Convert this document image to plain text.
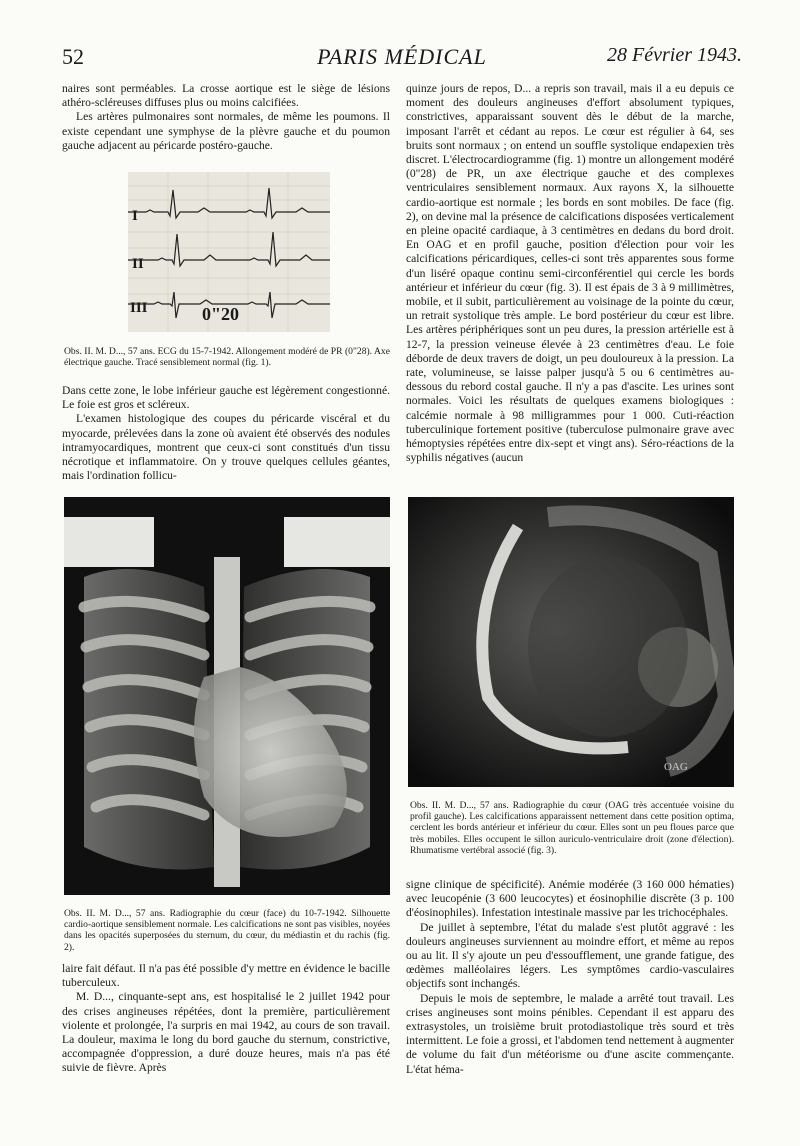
52	PARIS MÉDICAL	28 Février 1943.

naires sont perméables. La crosse aortique est le siège de lésions athéro-scléreuses diffuses plus ou moins calcifiées.

Les artères pulmonaires sont normales, de même les poumons. Il existe cependant une symphyse de la plèvre gauche et du poumon gauche adjacent au péricarde postéro-gauche.

I
II
III	0"20
Obs. II. M. D..., 57 ans. ECG du 15-7-1942. Allongement modéré de PR (0"28). Axe électrique gauche. Tracé sensiblement normal (fig. 1).

Dans cette zone, le lobe inférieur gauche est légèrement congestionné. Le foie est gros et scléreux.

L'examen histologique des coupes du péricarde viscéral et du myocarde, prélevées dans la zone où avaient été observés des nodules intramyocardiques, montrent que ceux-ci sont constitués d'un tissu nécrotique et inflammatoire. On y trouve quelques cellules géantes, mais l'ordination follicu-

quinze jours de repos, D... a repris son travail, mais il a eu depuis ce moment des douleurs angineuses d'effort absolument typiques, constrictives, apparaissant souvent dès le début de la marche, imposant l'arrêt et cédant au repos. Le cœur est régulier à 64, ses bruits sont normaux ; on entend un souffle systolique endapexien très discret. L'électrocardiogramme (fig. 1) montre un allongement modéré (0"28) de PR, un axe électrique gauche et des complexes ventriculaires sensiblement normaux. Aux rayons X, la silhouette cardio-aortique est normale ; les bords en sont mobiles. De face (fig. 2), on devine mal la présence de calcifications disposées verticalement en pleine opacité cardiaque, à 3 centimètres en dedans du bord droit. En OAG et en profil gauche, position d'élection pour voir les calcifications péricardiques, celles-ci sont très apparentes sous forme d'un liséré opaque continu semi-circonférentiel qui cercle les bords antérieur et inférieur du cœur (fig. 3). Il est épais de 3 à 9 millimètres, mobile, et il subit, particulièrement au voisinage de la pointe du cœur, un retrait systolique très ample. Le bord postérieur du cœur est libre. Les artères périphériques sont un peu dures, la pression artérielle est à 12-7, la pression veineuse élevée à 23 centimètres d'eau. Le foie déborde de deux travers de doigt, un peu douloureux à la pression. La rate, volumineuse, se laisse palper jusqu'à 5 ou 6 centimètres au-dessous du rebord costal gauche. Il n'y a pas d'ascite. Les urines sont normales. Voici les résultats de quelques examens biologiques : calcémie normale à 98 milligrammes pour 1 000. Cuti-réaction tuberculinique fortement positive (tuberculose pulmonaire grave avec hémoptysies répétées entre dix-sept et vingt ans). Séro-réactions de la syphilis négatives (aucun

Obs. II. M. D..., 57 ans. Radiographie du cœur (face) du 10-7-1942. Silhouette cardio-aortique sensiblement normale. Les calcifications ne sont pas visibles, noyées dans les opacités superposées du sternum, du cœur, du médiastin et du rachis (fig. 2).
OAG
Obs. II. M. D..., 57 ans. Radiographie du cœur (OAG très accentuée voisine du profil gauche). Les calcifications apparaissent nettement dans cette position optima, cerclent les bords antérieur et inférieur du cœur. Elles sont un peu floues parce que très mobiles. Elles occupent le sillon auriculo-ventriculaire droit (zone d'élection). Rhumatisme vertébral associé (fig. 3).

laire fait défaut. Il n'a pas été possible d'y mettre en évidence le bacille tuberculeux.

M. D..., cinquante-sept ans, est hospitalisé le 2 juillet 1942 pour des crises angineuses répétées, dont la première, particulièrement violente et prolongée, l'a surpris en mai 1942, au cours de son travail. La douleur, maxima le long du bord gauche du sternum, constrictive, accompagnée d'oppression, a duré douze heures, mais n'a pas été suivie de fièvre. Après

signe clinique de spécificité). Anémie modérée (3 160 000 hématies) avec leucopénie (3 600 leucocytes) et éosinophilie discrète (3 p. 100 d'éosinophiles). Infestation intestinale massive par les trichocéphales.

De juillet à septembre, l'état du malade s'est plutôt aggravé : les douleurs angineuses surviennent au moindre effort, et même au repos ou au lit. Il s'y ajoute un peu d'essoufflement, une grande fatigue, des œdèmes malléolaires légers. Les symptômes cardio-vasculaires objectifs sont inchangés.

Depuis le mois de septembre, le malade a arrêté tout travail. Les crises angineuses sont moins pénibles. Cependant il est apparu des extrasystoles, un troisième bruit protodiastolique très sourd et très intermittent. Le foie a grossi, et l'abdomen tend nettement à augmenter de volume du fait d'un météorisme ou d'une ascite commençante. L'état héma-
